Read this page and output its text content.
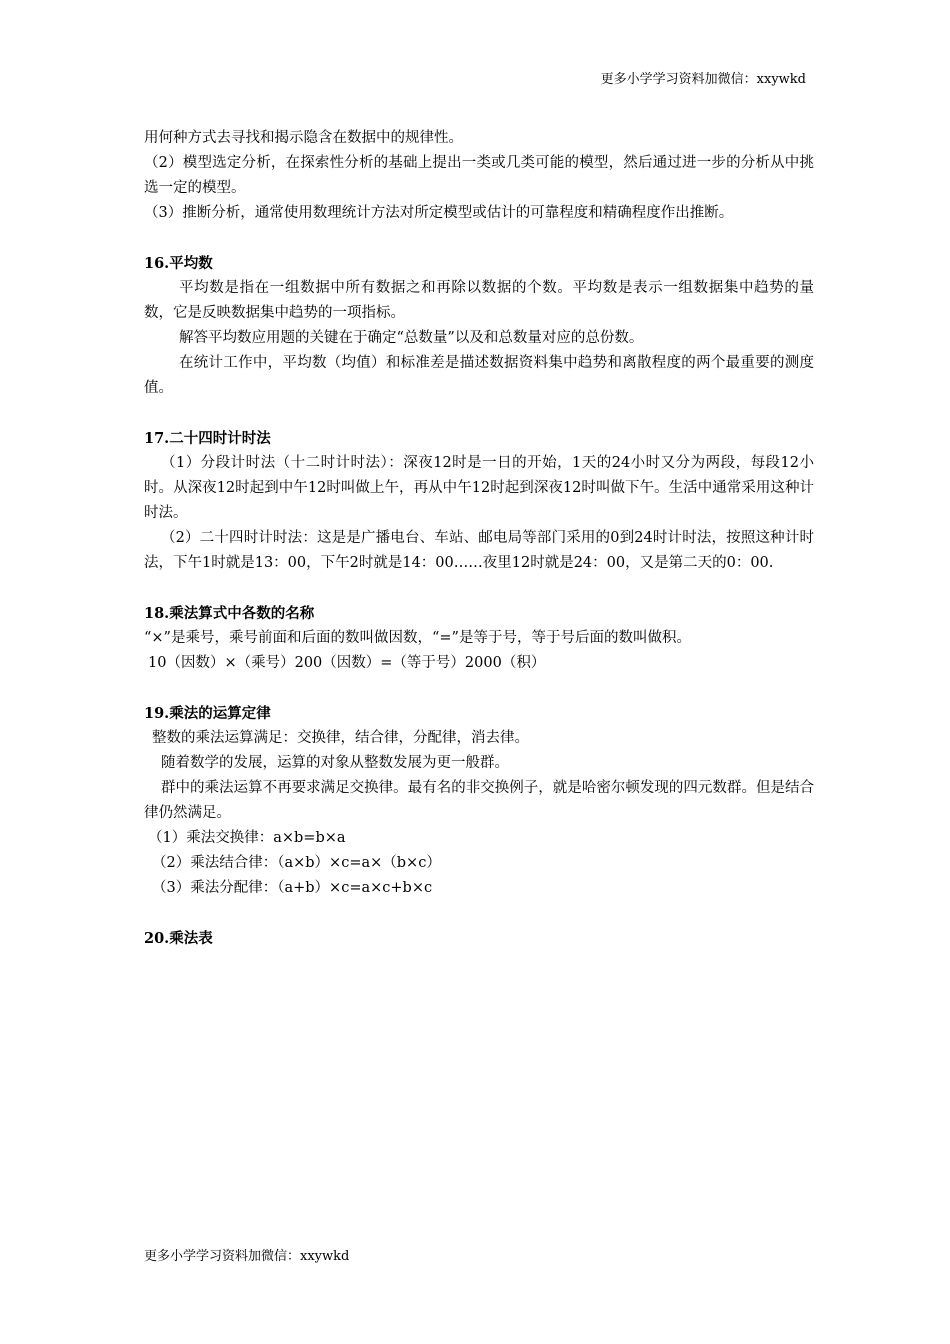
更多小学学习资料加微信：xxywkd

用何种方式去寻找和揭示隐含在数据中的规律性。

（2）模型选定分析，在探索性分析的基础上提出一类或几类可能的模型，然后通过进一步的分析从中挑选一定的模型。

（3）推断分析，通常使用数理统计方法对所定模型或估计的可靠程度和精确程度作出推断。

16.平均数

平均数是指在一组数据中所有数据之和再除以数据的个数。平均数是表示一组数据集中趋势的量数，它是反映数据集中趋势的一项指标。

解答平均数应用题的关键在于确定“总数量”以及和总数量对应的总份数。

在统计工作中，平均数（均值）和标准差是描述数据资料集中趋势和离散程度的两个最重要的测度值。

17.二十四时计时法

（1）分段计时法（十二时计时法）：深夜12时是一日的开始，1天的24小时又分为两段，每段12小时。从深夜12时起到中午12时叫做上午，再从中午12时起到深夜12时叫做下午。生活中通常采用这种计时法。

（2）二十四时计时法：这是是广播电台、车站、邮电局等部门采用的0到24时计时法，按照这种计时法，下午1时就是13：00，下午2时就是14：00……夜里12时就是24：00，又是第二天的0：00.

18.乘法算式中各数的名称

“×”是乘号，乘号前面和后面的数叫做因数，“=”是等于号，等于号后面的数叫做积。

10（因数）×（乘号）200（因数）=（等于号）2000（积）

19.乘法的运算定律

整数的乘法运算满足：交换律，结合律，分配律，消去律。

随着数学的发展，运算的对象从整数发展为更一般群。

群中的乘法运算不再要求满足交换律。最有名的非交换例子，就是哈密尔顿发现的四元数群。但是结合律仍然满足。

（1）乘法交换律：a×b=b×a

（2）乘法结合律：（a×b）×c=a×（b×c）

（3）乘法分配律：（a+b）×c=a×c+b×c

20.乘法表

更多小学学习资料加微信：xxywkd
